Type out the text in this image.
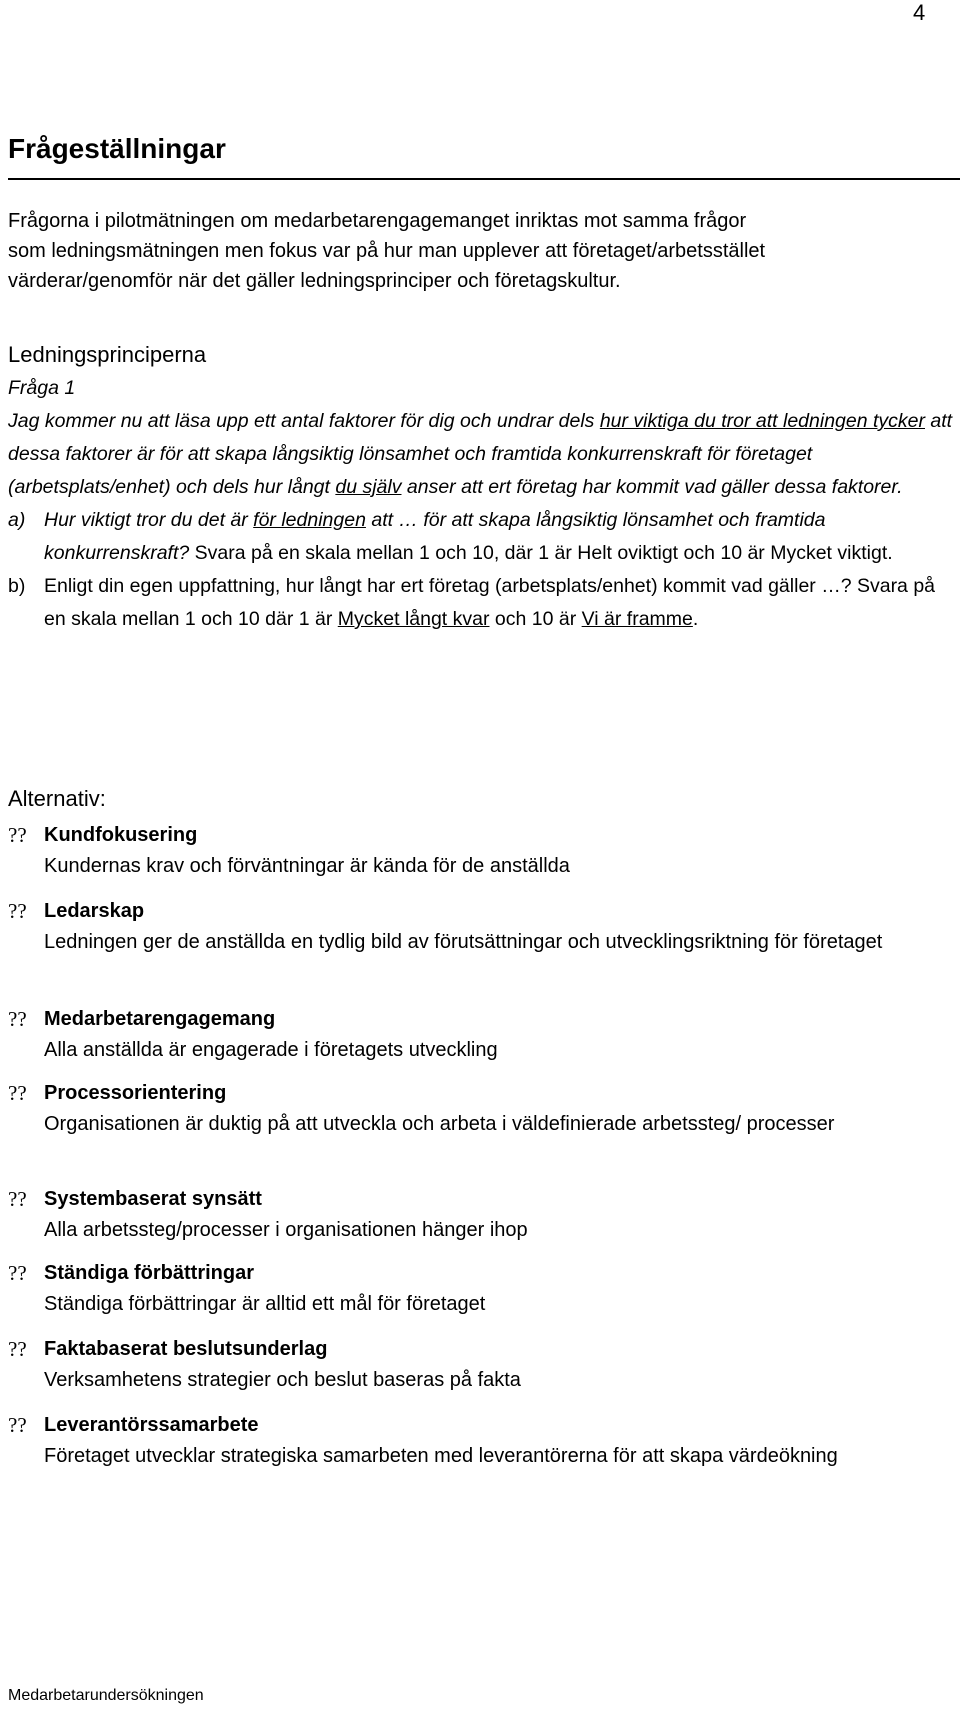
4
Frågeställningar

Frågorna i pilotmätningen om medarbetarengagemanget inriktas mot samma frågor

som ledningsmätningen men fokus var på hur man upplever att företaget/arbetsstället

värderar/genomför när det gäller ledningsprinciper och företagskultur.

Ledningsprinciperna

Fråga 1

Jag kommer nu att läsa upp ett antal faktorer för dig och undrar dels hur viktiga du tror att ledningen tycker att dessa faktorer är för att skapa långsiktig lönsamhet och framtida konkurrenskraft för företaget (arbetsplats/enhet) och dels hur långt du själv anser att ert företag har kommit vad gäller dessa faktorer.
a) Hur viktigt tror du det är för ledningen att … för att skapa långsiktig lönsamhet och framtida konkurrenskraft? Svara på en skala mellan 1 och 10, där 1 är Helt oviktigt och 10 är Mycket viktigt.
b) Enligt din egen uppfattning, hur långt har ert företag (arbetsplats/enhet) kommit vad gäller …? Svara på en skala mellan 1 och 10 där 1 är Mycket långt kvar och 10 är Vi är framme.
Alternativ:
?? Kundfokusering
Kundernas krav och förväntningar är kända för de anställda
?? Ledarskap
Ledningen ger de anställda en tydlig bild av förutsättningar och utvecklingsriktning för företaget
?? Medarbetarengagemang
Alla anställda är engagerade i företagets utveckling
?? Processorientering
Organisationen är duktig på att utveckla och arbeta i väldefinierade arbetssteg/ processer
?? Systembaserat synsätt
Alla arbetssteg/processer i organisationen hänger ihop
?? Ständiga förbättringar
Ständiga förbättringar är alltid ett mål för företaget
?? Faktabaserat beslutsunderlag
Verksamhetens strategier och beslut baseras på fakta
?? Leverantörssamarbete
Företaget utvecklar strategiska samarbeten med leverantörerna för att skapa värdeökning
Medarbetarundersökningen
